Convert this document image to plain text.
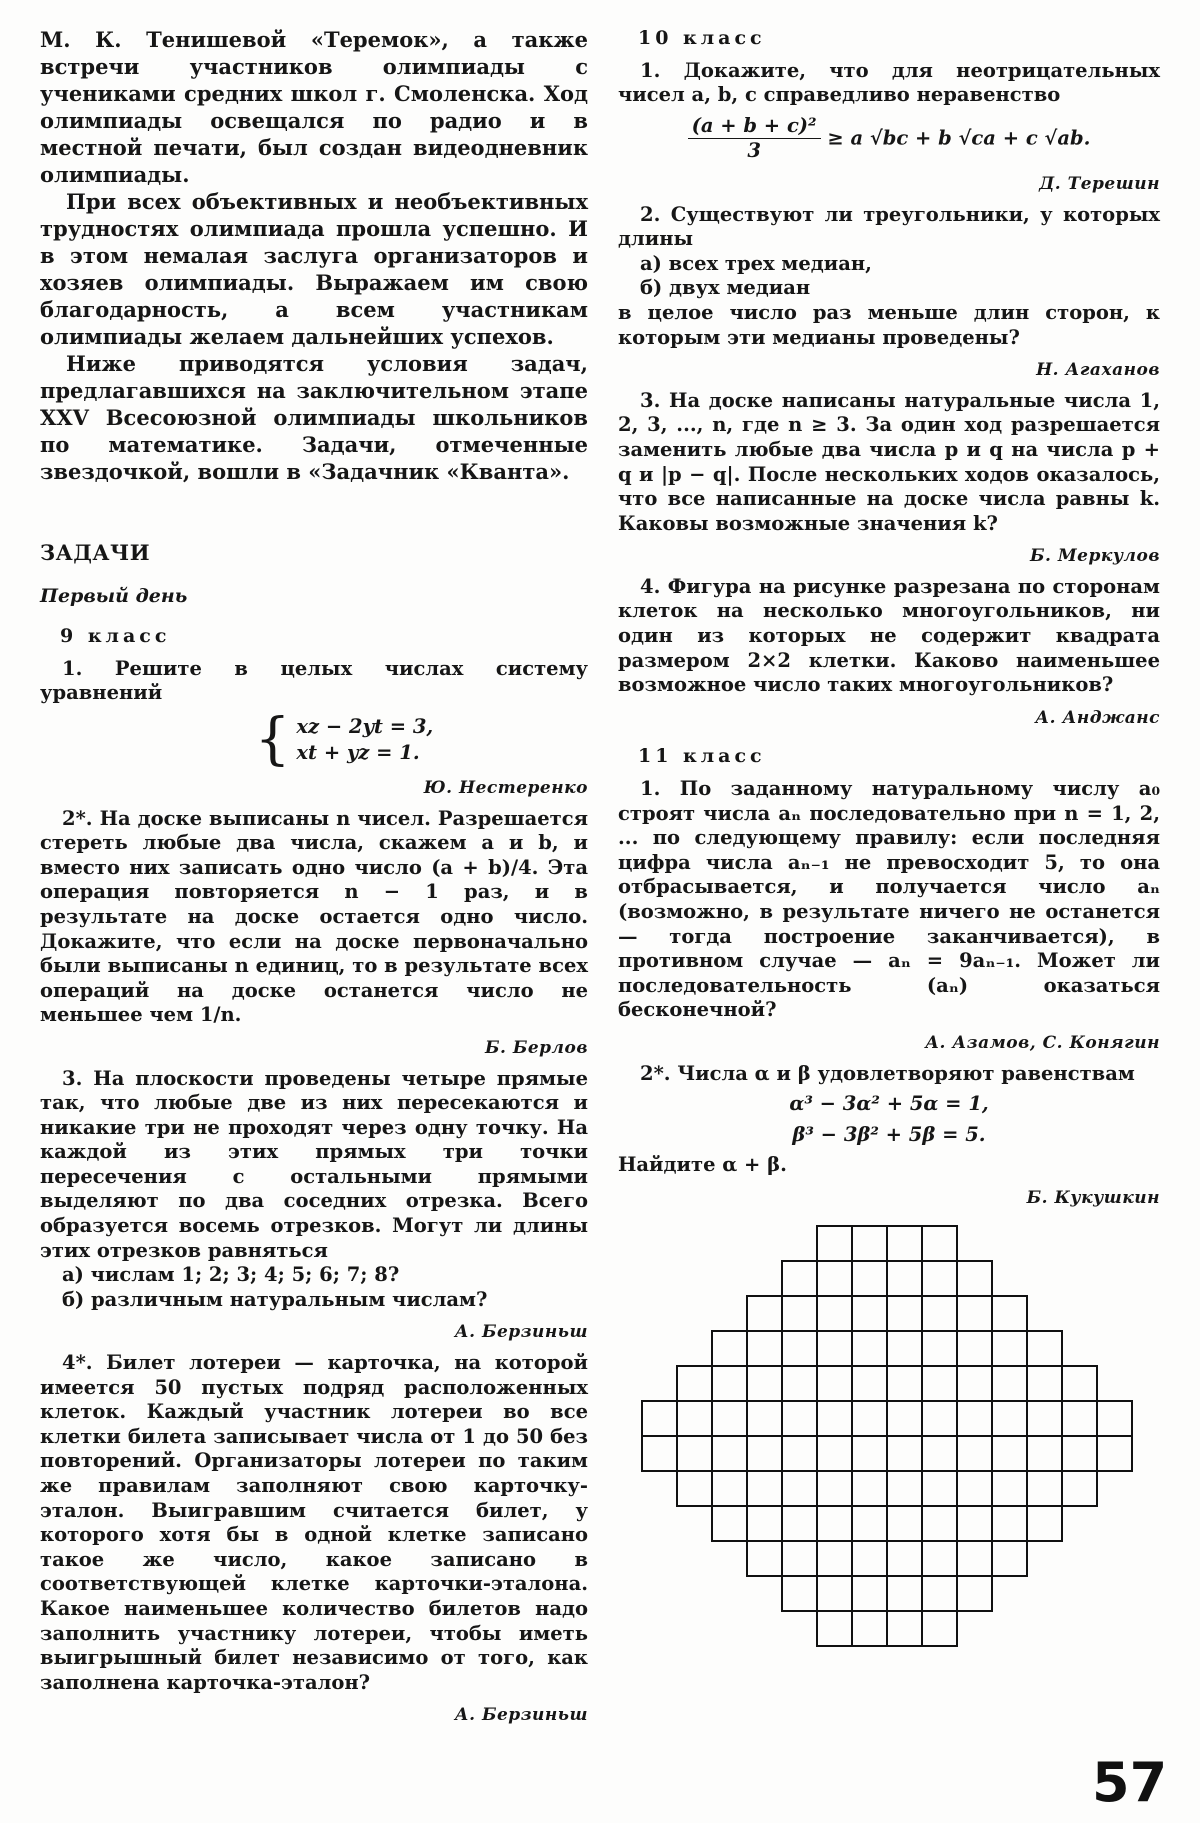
М. К. Тенишевой «Теремок», а также встречи участников олимпиады с учениками средних школ г. Смоленска. Ход олимпиады освещался по радио и в местной печати, был создан видеоднeвник олимпиады.

При всех объективных и необъективных трудностях олимпиада прошла успешно. И в этом немалая заслуга организаторов и хозяев олимпиады. Выражаем им свою благодарность, а всем участникам олимпиады желаем дальнейших успехов.

Ниже приводятся условия задач, предлагавшихся на заключительном этапе XXV Всесоюзной олимпиады школьников по математике. Задачи, отмеченные звездочкой, вошли в «Задачник «Кванта».

ЗАДАЧИ
Первый день
9 класс

1. Решите в целых числах систему уравнений

{ xz − 2yt = 3,
xt + yz = 1.
Ю. Нестеренко

2*. На доске выписаны n чисел. Разрешается стереть любые два числа, скажем a и b, и вместо них записать одно число (a + b)/4. Эта операция повторяется n − 1 раз, и в результате на доске остается одно число. Докажите, что если на доске первоначально были выписаны n единиц, то в результате всех операций на доске останется число не меньшее чем 1/n.

Б. Берлов

3. На плоскости проведены четыре прямые так, что любые две из них пересекаются и никакие три не проходят через одну точку. На каждой из этих прямых три точки пересечения с остальными прямыми выделяют по два соседних отрезка. Всего образуется восемь отрезков. Могут ли длины этих отрезков равняться

а) числам 1; 2; 3; 4; 5; 6; 7; 8?

б) различным натуральным числам?

А. Берзиньш

4*. Билет лотереи — карточка, на которой имеется 50 пустых подряд расположенных клеток. Каждый участник лотереи во все клетки билета записывает числа от 1 до 50 без повторений. Организаторы лотереи по таким же правилам заполняют свою карточку-эталон. Выигравшим считается билет, у которого хотя бы в одной клетке записано такое же число, какое записано в соответствующей клетке карточки-эталона. Какое наименьшее количество билетов надо заполнить участнику лотереи, чтобы иметь выигрышный билет независимо от того, как заполнена карточка-эталон?

А. Берзиньш
10 класс

1. Докажите, что для неотрицательных чисел a, b, c справедливо неравенство

$\frac{\text{(a + b + c)²}}{3} \ge a$ √bc + b √ca + c √ab.
Д. Терешин

2. Существуют ли треугольники, у которых длины

а) всех трех медиан,

б) двух медиан

в целое число раз меньше длин сторон, к которым эти медианы проведены?

Н. Агаханов

3. На доске написаны натуральные числа 1, 2, 3, ..., n, где n ≥ 3. За один ход разрешается заменить любые два числа p и q на числа p + q и |p − q|. После нескольких ходов оказалось, что все написанные на доске числа равны k. Каковы возможные значения k?

Б. Меркулов

4. Фигура на рисунке разрезана по сторонам клеток на несколько многоугольников, ни один из которых не содержит квадрата размером 2×2 клетки. Каково наименьшее возможное число таких многоугольников?

А. Анджанс
11 класс

1. По заданному натуральному числу a₀ строят числа aₙ последовательно при n = 1, 2, ... по следующему правилу: если последняя цифра числа aₙ₋₁ не превосходит 5, то она отбрасывается, и получается число aₙ (возможно, в результате ничего не останется — тогда построение заканчивается), в противном случае — aₙ = 9aₙ₋₁. Может ли последовательность (aₙ) оказаться бесконечной?

А. Азамов, С. Конягин

2*. Числа α и β удовлетворяют равенствам

α³ − 3α² + 5α = 1,
β³ − 3β² + 5β = 5.

Найдите α + β.

Б. Кукушкин
57
